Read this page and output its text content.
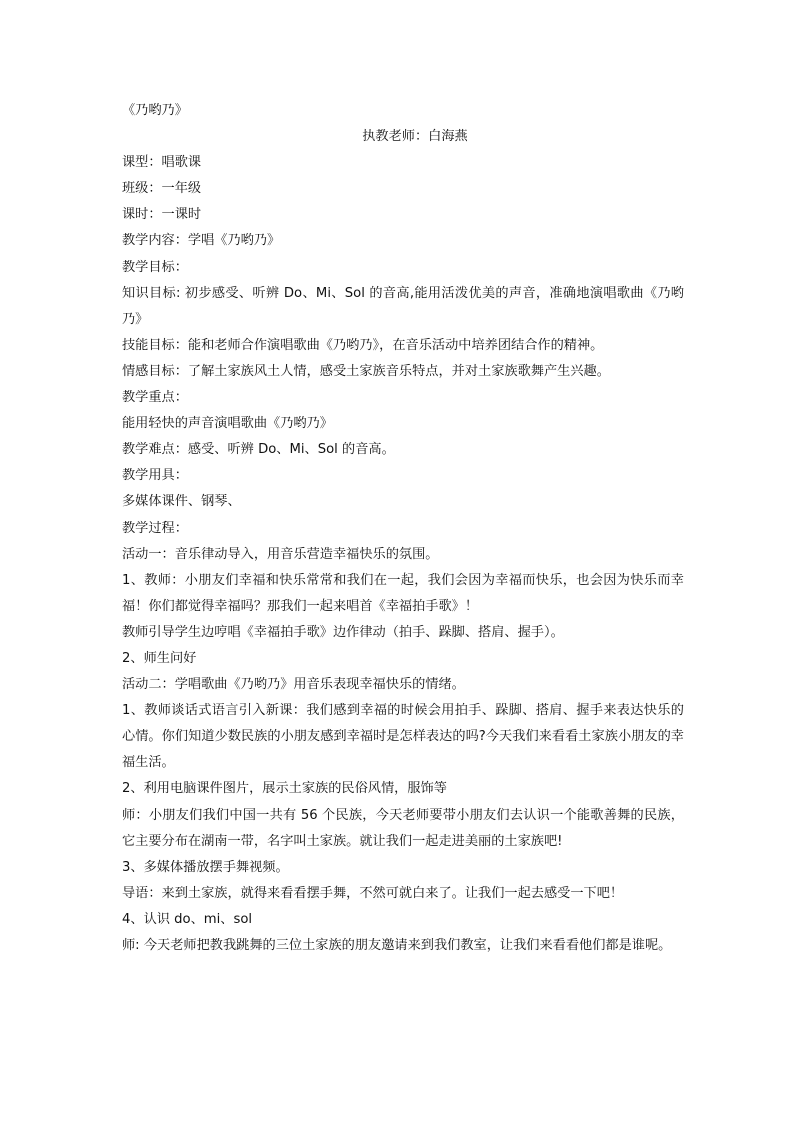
《乃哟乃》
执教老师：白海燕
课型：唱歌课
班级：一年级
课时：一课时
教学内容：学唱《乃哟乃》
教学目标：
知识目标: 初步感受、听辨 Do、Mi、Sol 的音高,能用活泼优美的声音，准确地演唱歌曲《乃哟乃》
技能目标：能和老师合作演唱歌曲《乃哟乃》，在音乐活动中培养团结合作的精神。
情感目标：了解土家族风土人情，感受土家族音乐特点，并对土家族歌舞产生兴趣。
教学重点：
能用轻快的声音演唱歌曲《乃哟乃》
教学难点：感受、听辨 Do、Mi、Sol 的音高。
教学用具：
多媒体课件、钢琴、
教学过程：
活动一：音乐律动导入，用音乐营造幸福快乐的氛围。
1、教师：小朋友们幸福和快乐常常和我们在一起，我们会因为幸福而快乐，也会因为快乐而幸福！你们都觉得幸福吗？那我们一起来唱首《幸福拍手歌》！
教师引导学生边哼唱《幸福拍手歌》边作律动（拍手、跺脚、搭肩、握手）。
2、师生问好
活动二：学唱歌曲《乃哟乃》用音乐表现幸福快乐的情绪。
1、教师谈话式语言引入新课：我们感到幸福的时候会用拍手、跺脚、搭肩、握手来表达快乐的心情。你们知道少数民族的小朋友感到幸福时是怎样表达的吗?今天我们来看看土家族小朋友的幸福生活。
2、利用电脑课件图片，展示土家族的民俗风情，服饰等
师：小朋友们我们中国一共有 56 个民族，今天老师要带小朋友们去认识一个能歌善舞的民族，它主要分布在湖南一带，名字叫土家族。就让我们一起走进美丽的土家族吧!
3、多媒体播放摆手舞视频。
导语：来到土家族，就得来看看摆手舞，不然可就白来了。让我们一起去感受一下吧！
4、认识 do、mi、sol
师: 今天老师把教我跳舞的三位土家族的朋友邀请来到我们教室，让我们来看看他们都是谁呢。
